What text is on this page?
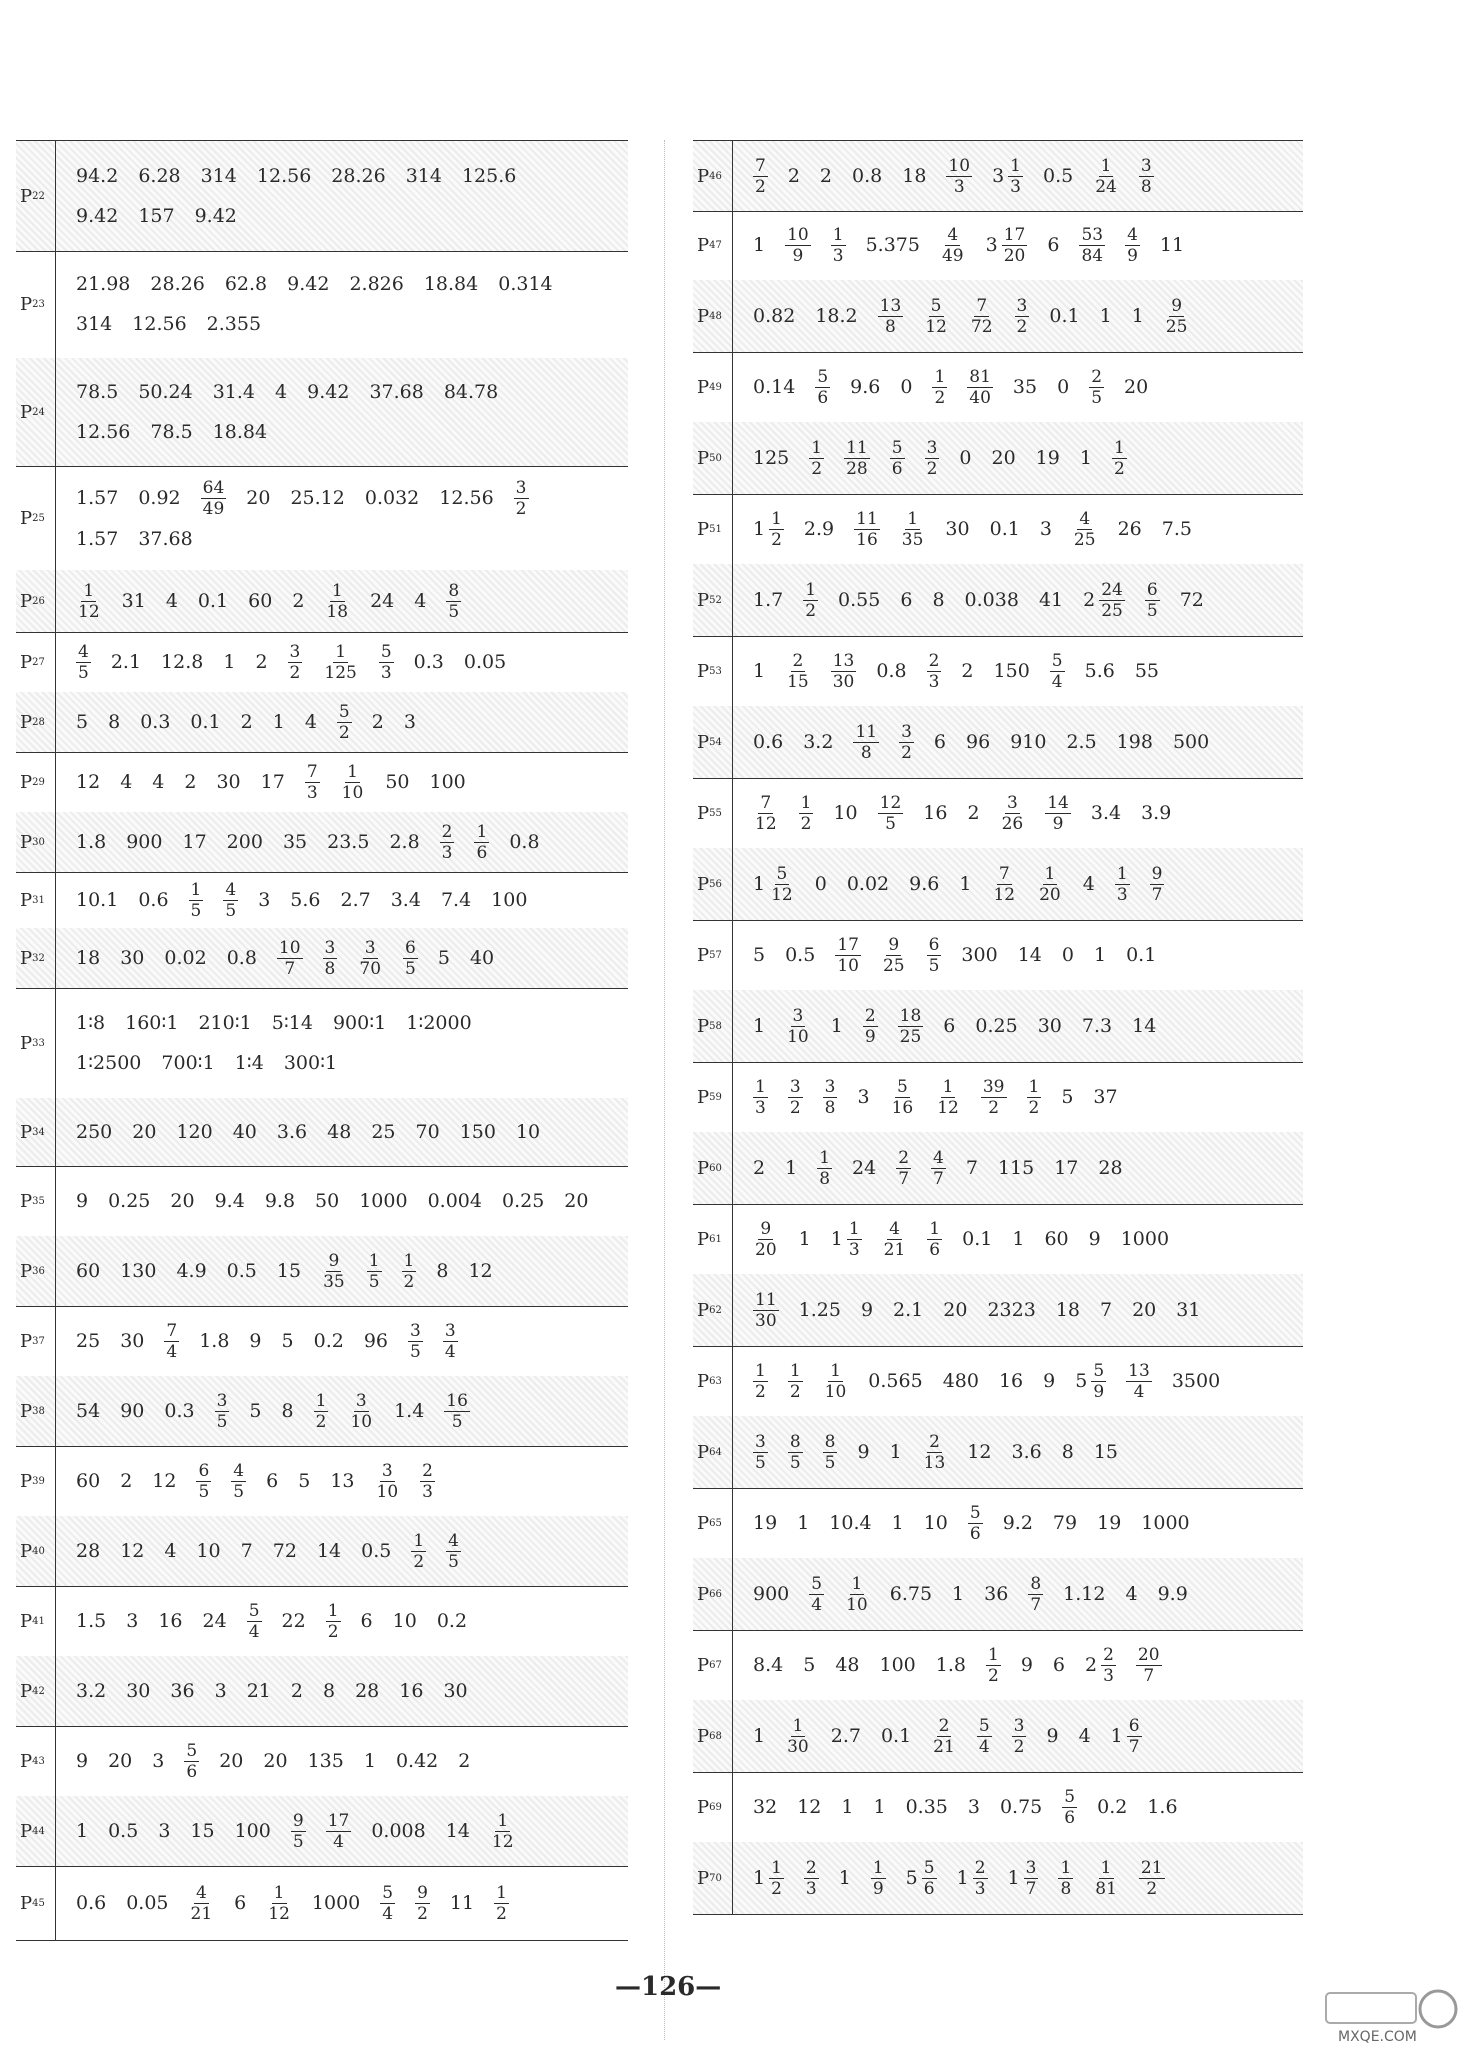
P 22
94.2 6.28 314 12.56 28.26 314 125.6
9.42 157 9.42
P 23
21.98 28.26 62.8 9.42 2.826 18.84 0.314
314 12.56 2.355
P 24
78.5 50.24 31.4 4 9.42 37.68 84.78
12.56 78.5 18.84
P 25
1.57 $0.92 \frac{64}{49} 20$ 25.12 0.032 $12.56 \frac{3}{2}$
1.57 37.68
P $26 \frac{1}{12} 31$ 4 0.1 60 $2 \frac{1}{18} 24$ $4 \frac{8}{5}$
P $27 \frac{4}{5} 2.1$ 12.8 1 $2 \frac{3}{2} \frac{1}{125} \frac{5}{3} 0.3$ 0.05
P 28 5 8 0.3 0.1 2 1 $4 \frac{5}{2} 2$ 3
P 29 12 4 4 2 30 $17 \frac{7}{3} \frac{1}{10} 50$ 100
P 30 1.8 900 17 200 35 23.5 $2.8 \frac{2}{3} \frac{1}{6} 0.8$
P 31 10.1 $0.6 \frac{1}{5} \frac{4}{5} 3$ 5.6 2.7 3.4 7.4 100
P 32 18 30 0.02 $0.8 \frac{10}{7} \frac{3}{8} \frac{3}{70} \frac{6}{5} 5$ 40
P 33
1∶8 160∶1 210∶1 5∶14 900∶1 1∶2000
1∶2500 700∶1 1∶4 300∶1
P 34 250 20 120 40 3.6 48 25 70 150 10
P 35 9 0.25 20 9.4 9.8 50 1000 0.004 0.25 20
P 36 60 130 4.9 0.5 $15 \frac{9}{35} \frac{1}{5} \frac{1}{2} 8$ 12
P 37 25 $30 \frac{7}{4} 1.8$ 9 5 0.2 $96 \frac{3}{5} \frac{3}{4}$
P 38 54 90 $0.3 \frac{3}{5} 5$ $8 \frac{1}{2} \frac{3}{10} 1.4 \frac{16}{5}$
P 39 60 2 $12 \frac{6}{5} \frac{4}{5} 6$ 5 $13 \frac{3}{10} \frac{2}{3}$
P 40 28 12 4 10 7 72 14 $0.5 \frac{1}{2} \frac{4}{5}$
P 41 1.5 3 16 $24 \frac{5}{4} 22 \frac{1}{2} 6$ 10 0.2
P 42 3.2 30 36 3 21 2 8 28 16 30
P 43 9 20 $3 \frac{5}{6} 20$ 20 135 1 0.42 2
P 44 1 0.5 3 15 $100 \frac{9}{5} \frac{17}{4} 0.008$ $14 \frac{1}{12}$
P 45 0.6 $0.05 \frac{4}{21} 6 \frac{1}{12} 1000 \frac{5}{4} \frac{9}{2} 11 \frac{1}{2}$
P $46 \frac{7}{2} 2$ 2 0.8 $18 \frac{10}{3} 3 \frac{1}{3} 0.5 \frac{1}{24} \frac{3}{8}$
P 47 $1 \frac{10}{9} \frac{1}{3} 5.375 \frac{4}{49} 3 \frac{17}{20} 6 \frac{53}{84} \frac{4}{9} 11$
P 48 0.82 $18.2 \frac{13}{8} \frac{5}{12} \frac{7}{72} \frac{3}{2} 0.1$ 1 $1 \frac{9}{25}$
P 49 $0.14 \frac{5}{6} 9.6$ $0 \frac{1}{2} \frac{81}{40} 35$ $0 \frac{2}{5} 20$
P 50 $125 \frac{1}{2} \frac{11}{28} \frac{5}{6} \frac{3}{2} 0$ 20 19 $1 \frac{1}{2}$
P 51 $1 \frac{1}{2} 2.9 \frac{11}{16} \frac{1}{35} 30$ 0.1 $3 \frac{4}{25} 26$ 7.5
P 52 $1.7 \frac{1}{2} 0.55$ 6 8 0.038 41 $2 \frac{24}{25} \frac{6}{5} 72$
P 53 $1 \frac{2}{15} \frac{13}{30} 0.8 \frac{2}{3} 2$ $150 \frac{5}{4} 5.6$ 55
P 54 0.6 $3.2 \frac{11}{8} \frac{3}{2} 6$ 96 910 2.5 198 500
P $55 \frac{7}{12} \frac{1}{2} 10 \frac{12}{5} 16$ $2 \frac{3}{26} \frac{14}{9} 3.4$ 3.9
P 56 $1 \frac{5}{12} 0$ 0.02 9.6 $1 \frac{7}{12} \frac{1}{20} 4 \frac{1}{3} \frac{9}{7}$
P 57 5 $0.5 \frac{17}{10} \frac{9}{25} \frac{6}{5} 300$ 14 0 1 0.1
P 58 $1 \frac{3}{10} 1 \frac{2}{9} \frac{18}{25} 6$ 0.25 30 7.3 14
P $59 \frac{1}{3} \frac{3}{2} \frac{3}{8} 3 \frac{5}{16} \frac{1}{12} \frac{39}{2} \frac{1}{2} 5$ 37
P 60 2 $1 \frac{1}{8} 24 \frac{2}{7} \frac{4}{7} 7$ 115 17 28
P $61 \frac{9}{20} 1$ $1 \frac{1}{3} \frac{4}{21} \frac{1}{6} 0.1$ 1 60 9 1000
P $62 \frac{11}{30} 1.25$ 9 2.1 20 2323 18 7 20 31
P $63 \frac{1}{2} \frac{1}{2} \frac{1}{10} 0.565$ 480 16 9 $5 \frac{5}{9} \frac{13}{4} 3500$
P $64 \frac{3}{5} \frac{8}{5} \frac{8}{5} 9$ $1 \frac{2}{13} 12$ 3.6 8 15
P 65 19 1 10.4 1 $10 \frac{5}{6} 9.2$ 79 19 1000
P 66 $900 \frac{5}{4} \frac{1}{10} 6.75$ 1 $36 \frac{8}{7} 1.12$ 4 9.9
P 67 8.4 5 48 100 $1.8 \frac{1}{2} 9$ 6 $2 \frac{2}{3} \frac{20}{7}$
P 68 $1 \frac{1}{30} 2.7$ $0.1 \frac{2}{21} \frac{5}{4} \frac{3}{2} 9$ 4 $1 \frac{6}{7}$
P 69 32 12 1 1 0.35 3 $0.75 \frac{5}{6} 0.2$ 1.6
P 70 $1 \frac{1}{2} \frac{2}{3} 1 \frac{1}{9} 5 \frac{5}{6} 1 \frac{2}{3} 1 \frac{3}{7} \frac{1}{8} \frac{1}{81} \frac{21}{2}$
—126—
MXQE.COM
